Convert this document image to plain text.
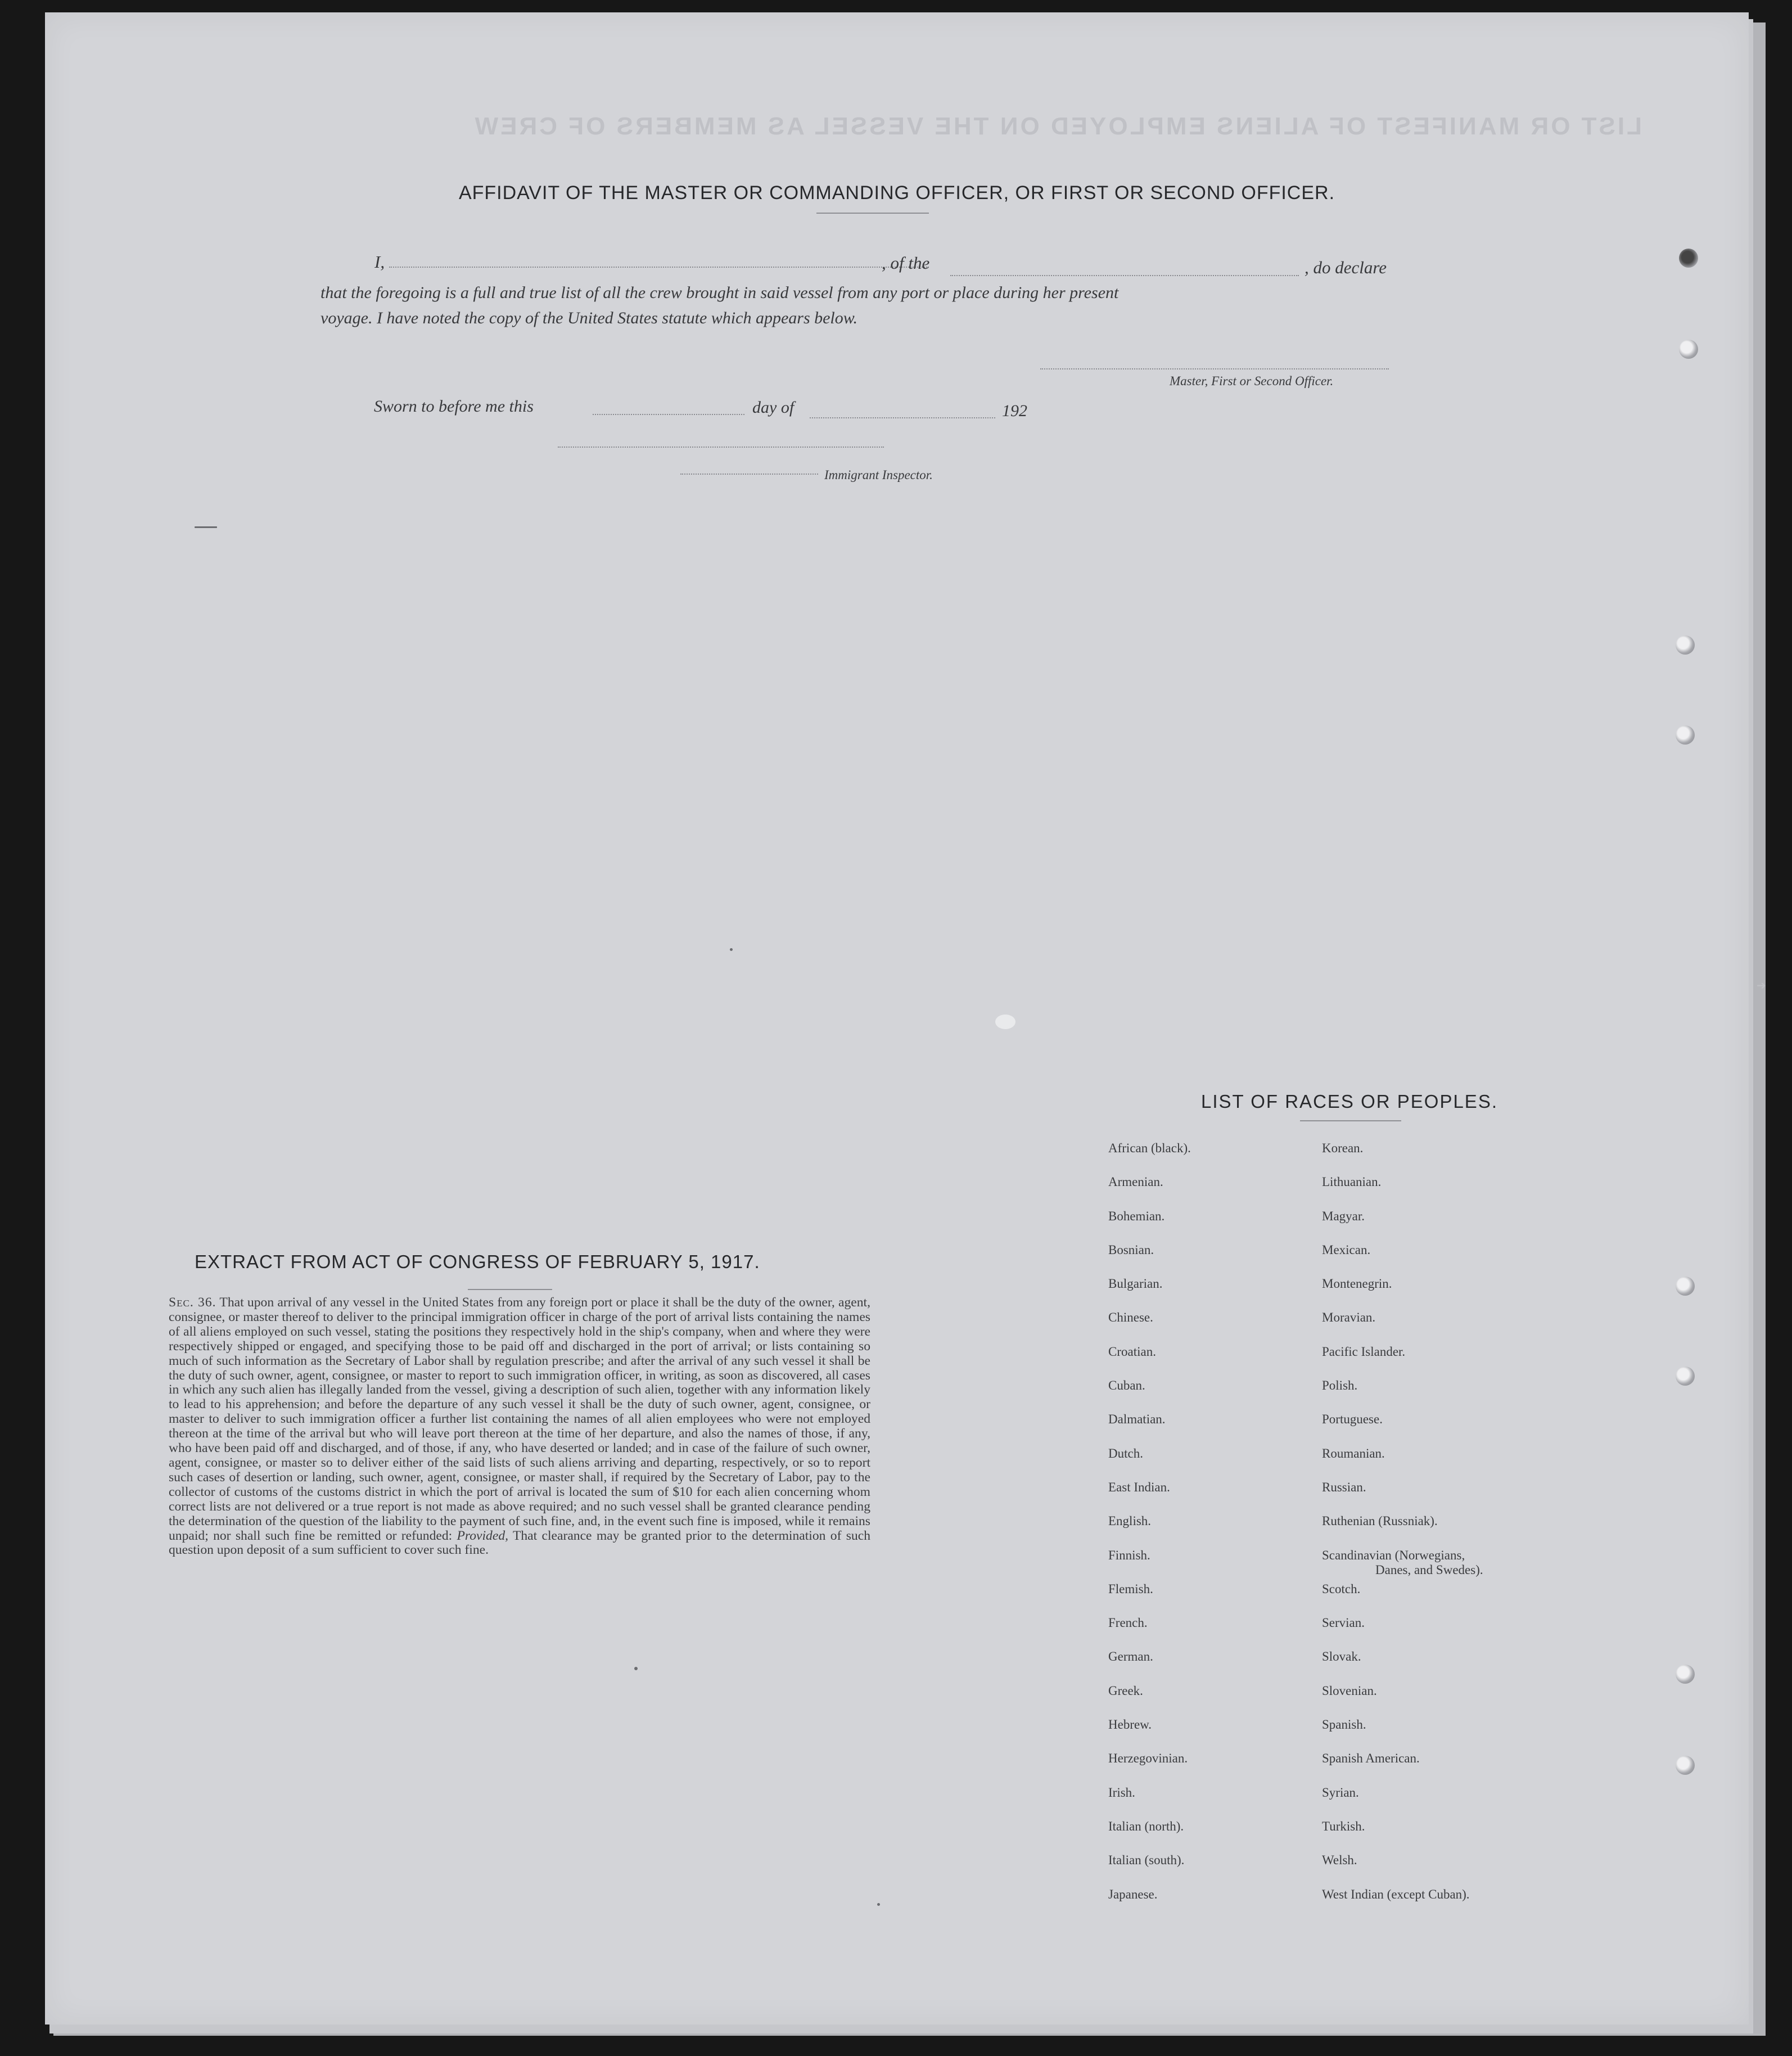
LIST OR MANIFEST OF ALIENS EMPLOYED ON THE VESSEL AS MEMBERS OF CREW
AFFIDAVIT OF THE MASTER OR COMMANDING OFFICER, OR FIRST OR SECOND OFFICER.
I,	, of the	, do declare
that the foregoing is a full and true list of all the crew brought in said vessel from any port or place during her present
voyage. I have noted the copy of the United States statute which appears below.
Master, First or Second Officer.
Sworn to before me this	day of	192
Immigrant Inspector.
EXTRACT FROM ACT OF CONGRESS OF FEBRUARY 5, 1917.
Sec. 36. That upon arrival of any vessel in the United States from any foreign port or place it shall be the duty of the owner, agent, consignee, or master thereof to deliver to the principal immigration officer in charge of the port of arrival lists containing the names of all aliens employed on such vessel, stating the positions they respectively hold in the ship's company, when and where they were respectively shipped or engaged, and specifying those to be paid off and discharged in the port of arrival; or lists containing so much of such information as the Secretary of Labor shall by regulation prescribe; and after the arrival of any such vessel it shall be the duty of such owner, agent, consignee, or master to report to such immigration officer, in writing, as soon as discovered, all cases in which any such alien has illegally landed from the vessel, giving a description of such alien, together with any information likely to lead to his apprehension; and before the departure of any such vessel it shall be the duty of such owner, agent, consignee, or master to deliver to such immigration officer a further list containing the names of all alien employees who were not employed thereon at the time of the arrival but who will leave port thereon at the time of her departure, and also the names of those, if any, who have been paid off and discharged, and of those, if any, who have deserted or landed; and in case of the failure of such owner, agent, consignee, or master so to deliver either of the said lists of such aliens arriving and departing, respectively, or so to report such cases of desertion or landing, such owner, agent, consignee, or master shall, if required by the Secretary of Labor, pay to the collector of customs of the customs district in which the port of arrival is located the sum of $10 for each alien concerning whom correct lists are not delivered or a true report is not made as above required; and no such vessel shall be granted clearance pending the determination of the question of the liability to the payment of such fine, and, in the event such fine is imposed, while it remains unpaid; nor shall such fine be remitted or refunded: Provided, That clearance may be granted prior to the determination of such question upon deposit of a sum sufficient to cover such fine.
LIST OF RACES OR PEOPLES.
African (black).	Korean.
Armenian.	Lithuanian.
Bohemian.	Magyar.
Bosnian.	Mexican.
Bulgarian.	Montenegrin.
Chinese.	Moravian.
Croatian.	Pacific Islander.
Cuban.	Polish.
Dalmatian.	Portuguese.
Dutch.	Roumanian.
East Indian.	Russian.
English.	Ruthenian (Russniak).
Finnish.	Scandinavian (Norwegians,
Danes, and Swedes).
Flemish.	Scotch.
French.	Servian.
German.	Slovak.
Greek.	Slovenian.
Hebrew.	Spanish.
Herzegovinian.	Spanish American.
Irish.	Syrian.
Italian (north).	Turkish.
Italian (south).	Welsh.
Japanese.	West Indian (except Cuban).
➔
